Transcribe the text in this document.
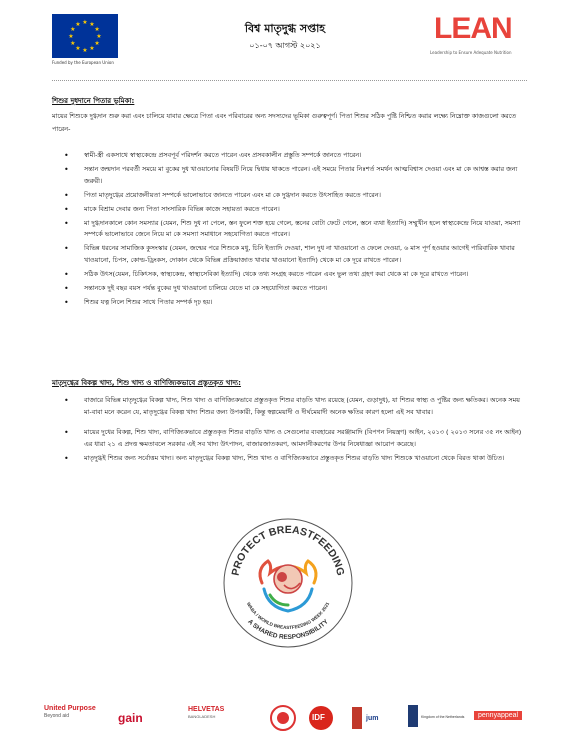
★ ★
★
★
★
★
★
★
★
★
★
★
Funded by the European Union
বিশ্ব মাতৃদুগ্ধ সপ্তাহ
০১-০৭ আগস্ট ২০২১
LEAN
Leadership to Ensure Adequate Nutrition
শিশুর দুধদানে পিতার ভূমিকা:
মায়ের শিশুকে দুগ্ধদান শুরু করা এবং চালিয়ে যাবার ক্ষেত্রে পিতা এবং পরিবারের অন্য সদস্যদের ভূমিকা গুরুত্বপূর্ণ। পিতা শিশুর সঠিক পুষ্টি নিশ্চিত করার লক্ষ্যে নিম্নোক্ত কাজগুলো করতে পারেন-
• স্বামী-স্ত্রী একসাথে স্বাস্থ্যকেন্দ্রে প্রসবপূর্ব পরিদর্শন করতে পারেন এবং প্রসবকালীন প্রস্তুতি সম্পর্কে জানতে পারেন।
• সন্তান জন্মদান পরবর্তী সময়ে মা বুকের দুধ খাওয়ানোর বিষয়টি নিয়ে দ্বিধায় থাকতে পারেন। এই সময়ে পিতার নিঃশর্ত সমর্থন আত্মবিশ্বাস দেওয়া এবং মা কে আশ্বস্ত করার জন্য জরুরী।
• পিতা মাতৃদুগ্ধের প্রয়োজনীয়তা সম্পর্কে ভালোভাবে জানতে পারেন এবং মা কে দুগ্ধদান করতে উৎসাহিত করতে পারেন।
• মাকে বিশ্রাম দেবার জন্য পিতা সাংসারিক বিভিন্ন কাজে সহায়তা করতে পারেন।
• মা দুগ্ধদানকালে কোন সমস্যার (যেমন, শিশু দুধ না পেলে, স্তন ফুলে শক্ত হয়ে গেলে, স্তনের বোটা ফেটে গেলে, স্তনে ব্যথা ইত্যাদি) সম্মুখীন হলে স্বাস্থ্যকেন্দ্রে নিয়ে যাওয়া, সমস্যা সম্পর্কে ভালোভাবে জেনে নিয়ে মা কে সমস্যা সমাধানে সহযোগিতা করতে পারেন।
• বিভিন্ন ধরনের সামাজিক কুসংস্কার (যেমন, জন্মের পরে শিশুকে মধু, চিনি ইত্যাদি দেওয়া, শাল দুধ না খাওয়ানো ও ফেলে দেওয়া, ৬ মাস পূর্ণ হওয়ার আগেই পারিবারিক খাবার খাওয়ানো, চিপস, কোল্ড-ড্রিংকস, দোকান থেকে বিভিন্ন প্রক্রিয়াজাত খাবার খাওয়ানো ইত্যাদি) থেকে মা কে দূরে রাখতে পারেন।
• সঠিক উৎস(যেমন, চিকিৎসক, স্বাস্থ্যকেন্দ্র, স্বাস্থ্যসেবিকা ইত্যাদি) থেকে তথ্য সংগ্রহ করতে পারেন এবং ভুল তথ্য গ্রহণ করা থেকে মা কে দূরে রাখতে পারেন।
• সন্তানকে দুই বছর বয়স পর্যন্ত বুকের দুধ খাওয়ানো চালিয়ে যেতে মা কে সহযোগিতা করতে পারেন।
• শিশুর যত্ন নিলে শিশুর সাথে পিতার সম্পর্ক দৃঢ় হয়।
মাতৃদুগ্ধের বিকল্প খাদ্য, শিশু খাদ্য ও বাণিজ্যিকভাবে প্রস্তুতকৃত খাদ্য:
• বাজারে বিভিন্ন মাতৃদুগ্ধের বিকল্প খাদ্য, শিশু খাদ্য ও বাণিজ্যিকভাবে প্রস্তুতকৃত শিশুর বাড়তি খাদ্য রয়েছে (যেমন, গুড়াদুধ), যা শিশুর স্বাস্থ্য ও পুষ্টির জন্য ক্ষতিকর। অনেক সময় মা-বাবা মনে করেন যে, মাতৃদুগ্ধের বিকল্প খাদ্য শিশুর জন্য উপকারী, কিন্তু স্বল্পমেয়াদী ও দীর্ঘমেয়াদী অনেক ক্ষতির কারণ হলো এই সব খাবার।
• মায়ের দুধের বিকল্প, শিশু খাদ্য, বাণিজ্যিকভাবে প্রস্তুতকৃত শিশুর বাড়তি খাদ্য ও সেগুলোর ব্যবহারের সরঞ্জামাদি (বিপণন নিয়ন্ত্রণ) আইন, ২০১৩ ( ২০১৩ সনের ৩৫ নং আইন) এর ধারা ২১ এ প্রদত্ত ক্ষমতাবলে সরকার এই সব খাদ্য উৎপাদন, বাজারজাতকরণ, আমদানীকরণের উপর নিষেধাজ্ঞা আরোপ করেছে।
• মাতৃদুগ্ধই শিশুর জন্য সর্বোত্তম খাদ্য। অন্য মাতৃদুগ্ধের বিকল্প খাদ্য, শিশু খাদ্য ও বাণিজ্যিকভাবে প্রস্তুতকৃত শিশুর বাড়তি খাদ্য শিশুকে খাওয়ানো থেকে বিরত থাকা উচিত।
PROTECT BREASTFEEDING
A SHARED RESPONSIBILITY
WABA / WORLD BREASTFEEDING WEEK 2021
United Purpose
Beyond aid	gain
HELVETAS
BANGLADESH	IDF	jum	Kingdom of the Netherlands	pennyappeal
